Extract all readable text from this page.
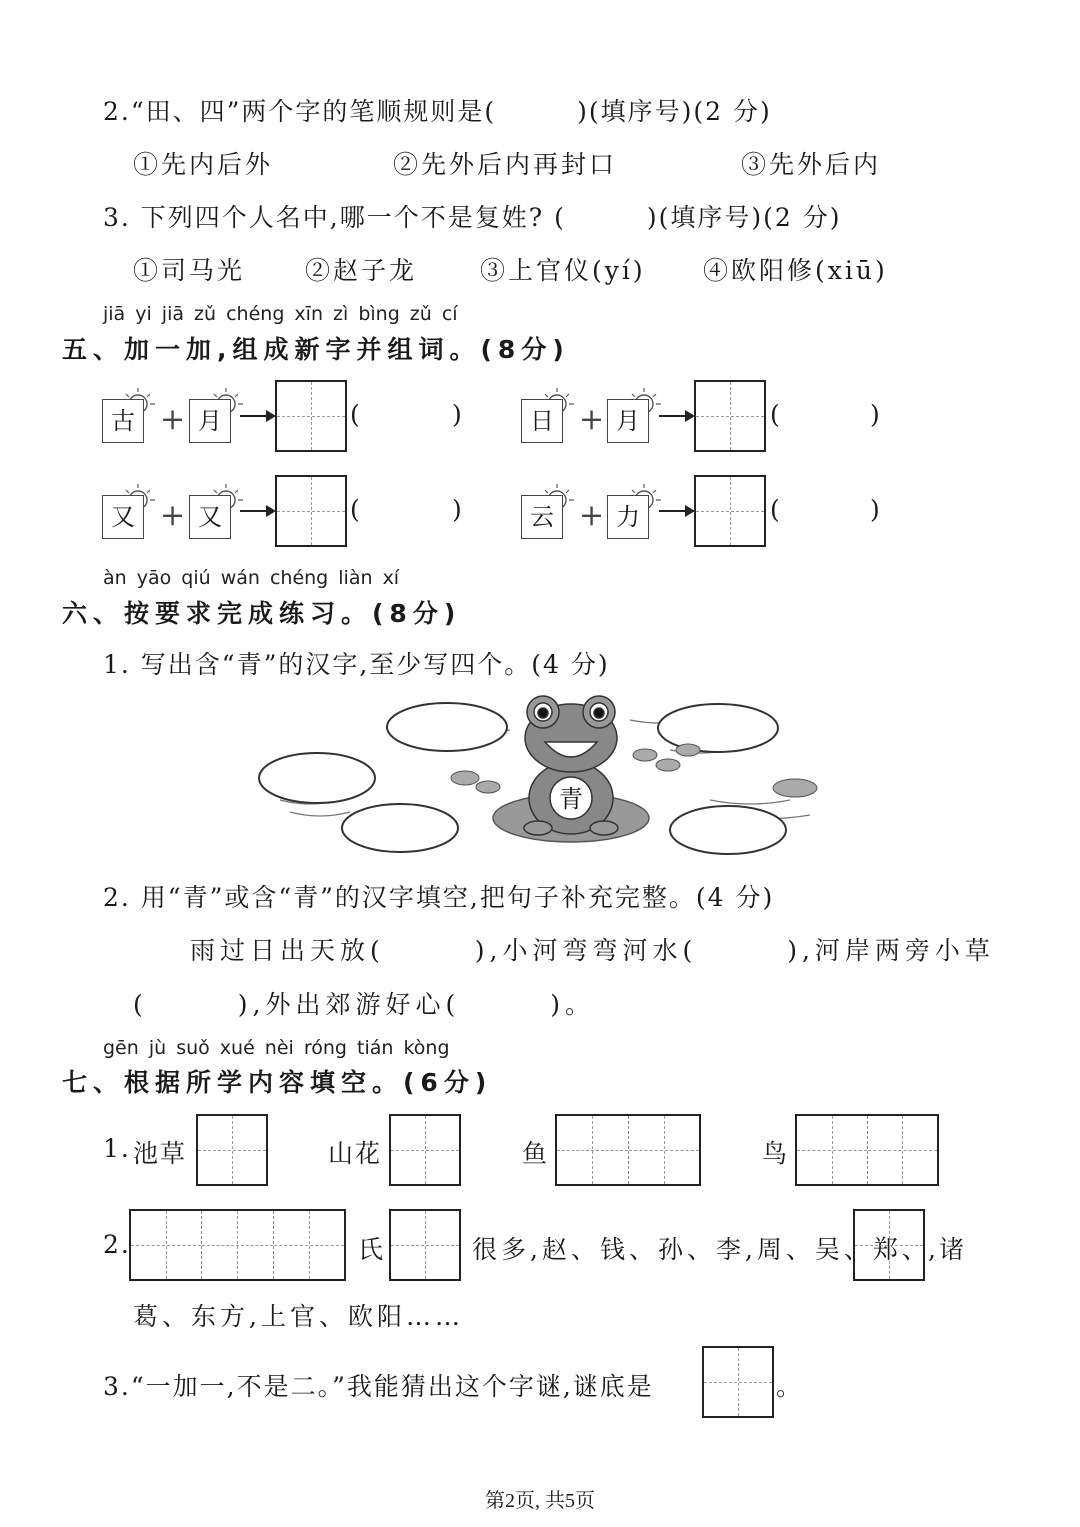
2.“田、四”两个字的笔顺规则是(　　　)(填序号)(2 分)
①先内后外	②先外后内再封口	③先外后内
3. 下列四个人名中,哪一个不是复姓? (　　　)(填序号)(2 分)
①司马光 ②赵子龙	③上官仪(yí) ④欧阳修(xiū)
jiā yi jiā zǔ chéng xīn zì bìng zǔ cí
五、加一加,组成新字并组词。(8分)
古 + 月	(	)	日 + 月	(	)
又 + 又	(	)	云 + 力	(	)
àn yāo qiú wán chéng liàn xí
六、按要求完成练习。(8分)
1. 写出含“青”的汉字,至少写四个。(4 分)
青
2. 用“青”或含“青”的汉字填空,把句子补充完整。(4 分)
雨过日出天放(　　　),小河弯弯河水(　　　),河岸两旁小草
(　　　),外出郊游好心(　　　)。
gēn jù suǒ xué nèi róng tián kòng
七、根据所学内容填空。(6分)
1. 池草	山花	鱼	鸟
2.	氏	很多,赵、钱、孙、李,周、吴、郑、
,诸
葛、东方,上官、欧阳……
3.“一加一,不是二。”我能猜出这个字谜,谜底是	。
第2页, 共5页
